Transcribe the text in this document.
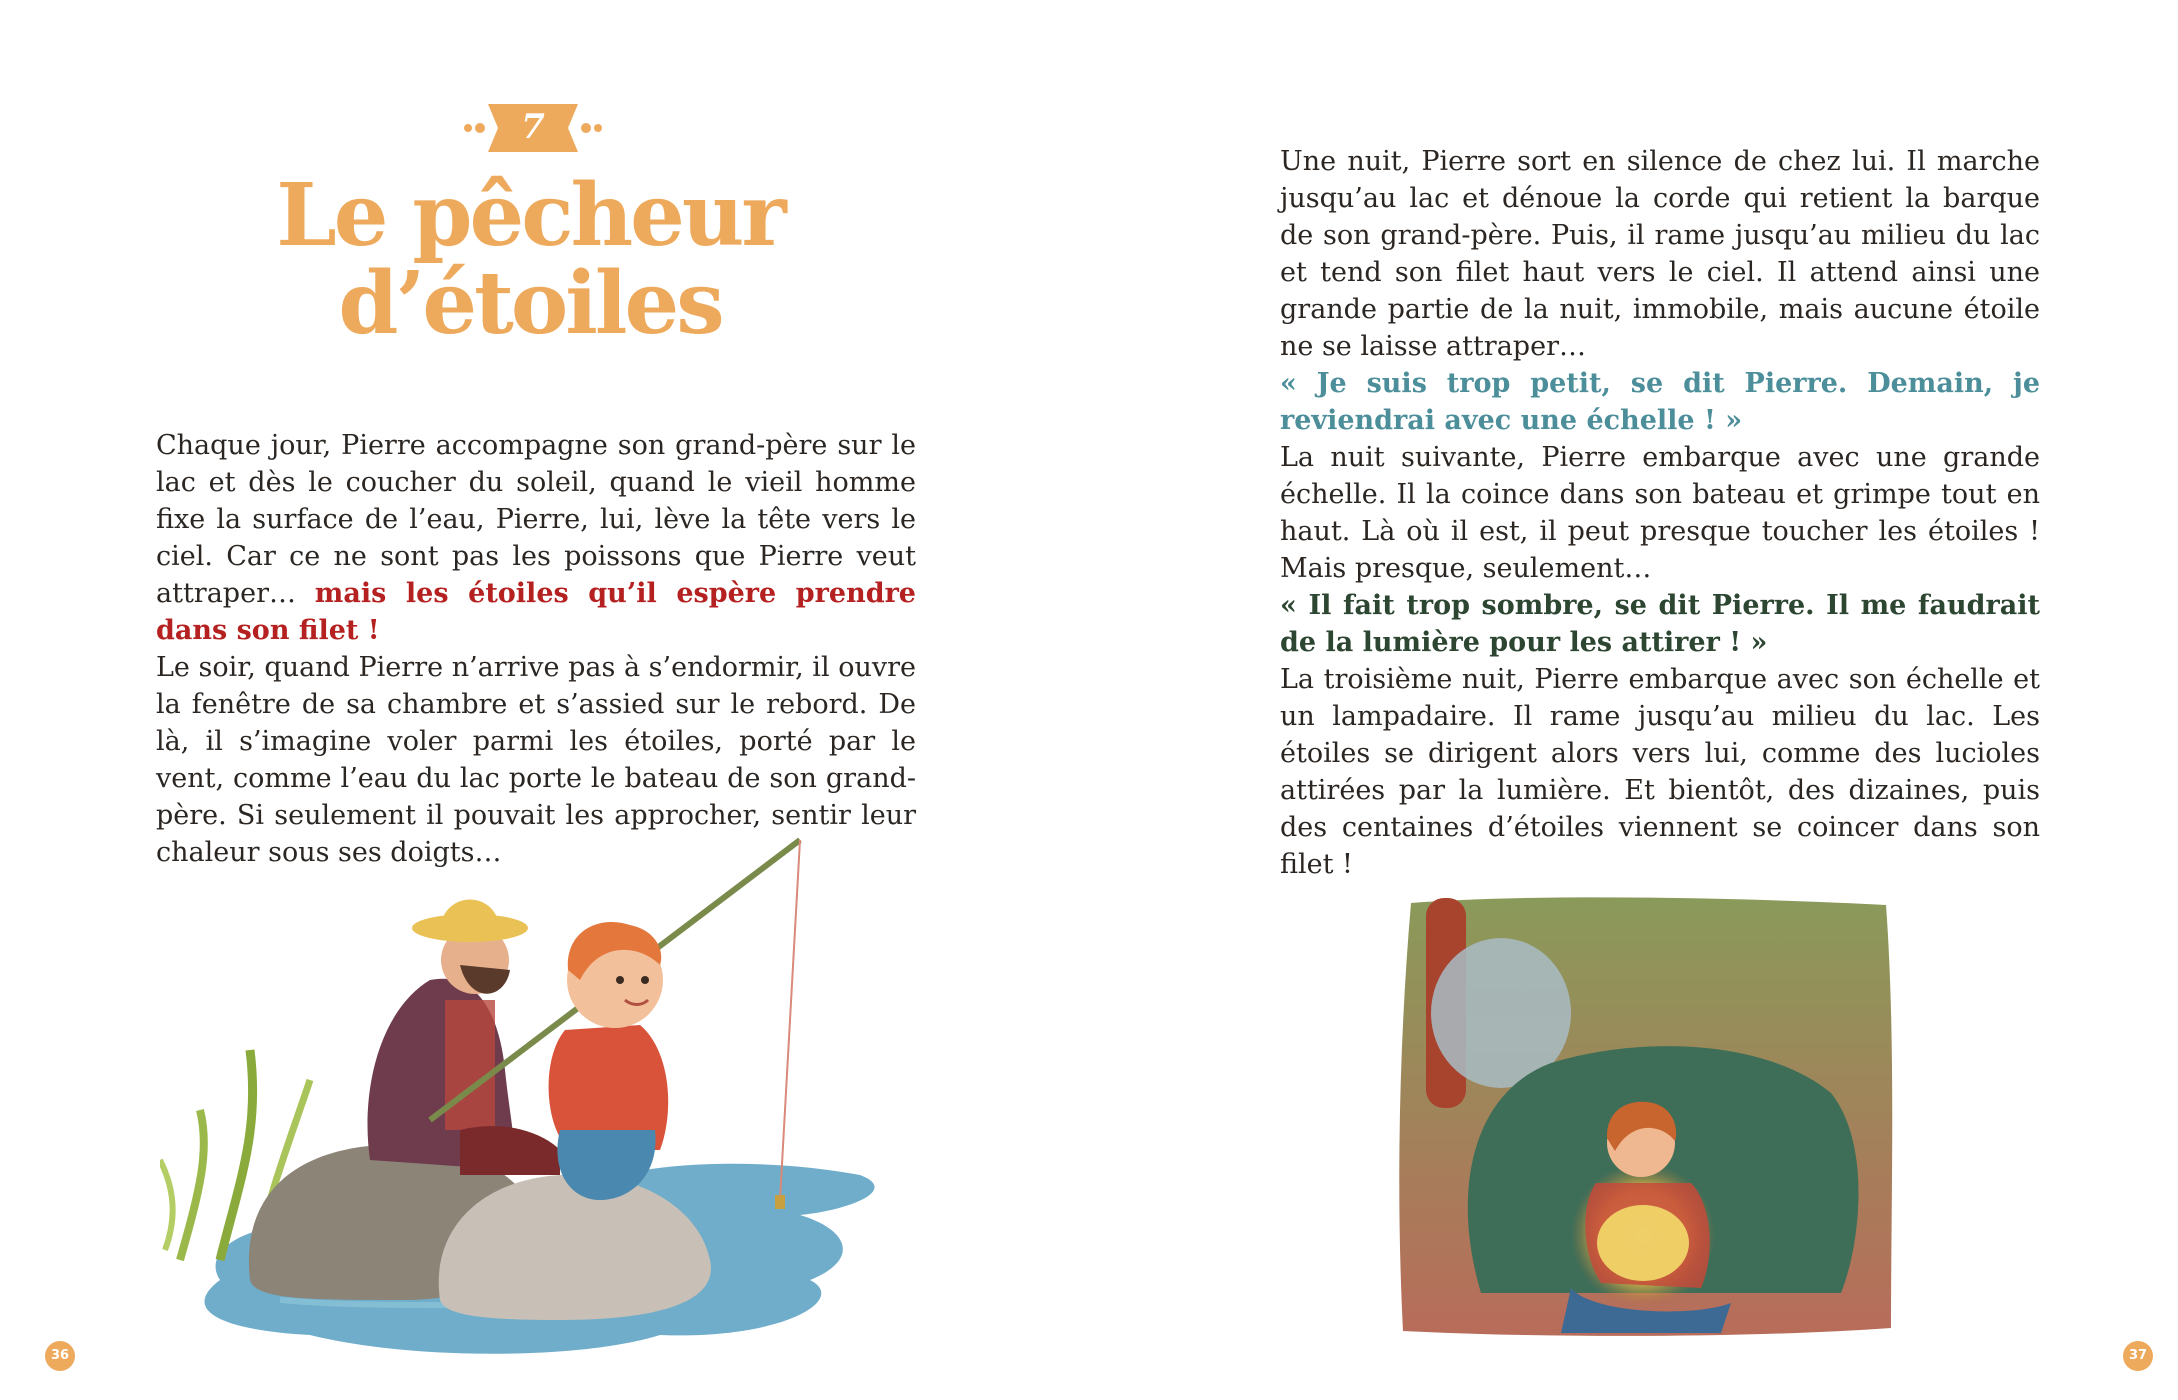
7
Le pêcheur
d’étoiles

Chaque jour, Pierre accompagne son grand-père sur le lac et dès le coucher du soleil, quand le vieil homme fixe la surface de l’eau, Pierre, lui, lève la tête vers le ciel. Car ce ne sont pas les poissons que Pierre veut attraper… mais les étoiles qu’il espère prendre dans son filet !

Le soir, quand Pierre n’arrive pas à s’endormir, il ouvre la fenêtre de sa chambre et s’assied sur le rebord. De là, il s’imagine voler parmi les étoiles, porté par le vent, comme l’eau du lac porte le bateau de son grand-père. Si seulement il pouvait les approcher, sentir leur chaleur sous ses doigts…

36

Une nuit, Pierre sort en silence de chez lui. Il marche jusqu’au lac et dénoue la corde qui retient la barque de son grand-père. Puis, il rame jusqu’au milieu du lac et tend son filet haut vers le ciel. Il attend ainsi une grande partie de la nuit, immobile, mais aucune étoile ne se laisse attraper…

« Je suis trop petit, se dit Pierre. Demain, je reviendrai avec une échelle ! »

La nuit suivante, Pierre embarque avec une grande échelle. Il la coince dans son bateau et grimpe tout en haut. Là où il est, il peut presque toucher les étoiles ! Mais presque, seulement…

« Il fait trop sombre, se dit Pierre. Il me faudrait de la lumière pour les attirer ! »

La troisième nuit, Pierre embarque avec son échelle et un lampadaire. Il rame jusqu’au milieu du lac. Les étoiles se dirigent alors vers lui, comme des lucioles attirées par la lumière. Et bientôt, des dizaines, puis des centaines d’étoiles viennent se coincer dans son filet !

37
